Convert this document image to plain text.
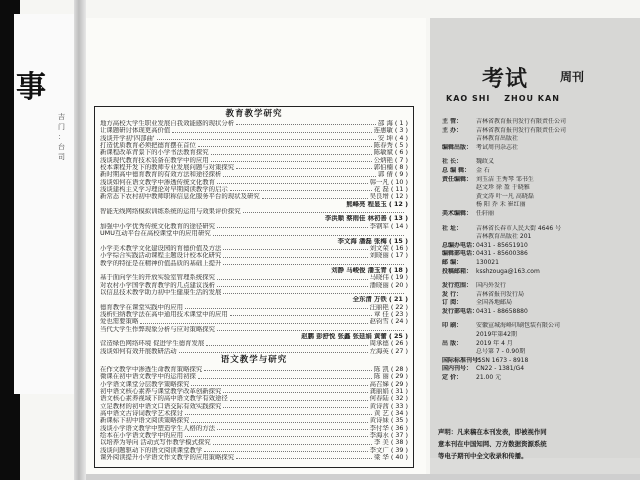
事
吉
门
：
台
司
教育教学研究
地方高校大学生职业发展自我效能感的现状分析	邵 海 ( 1 )
让课题研讨体现更高价值	连惠敏 ( 3 )
浅谈开学初'四部曲'	安 坤 ( 4 )
打造优质教育必须把德育摆在首位	陈春秀 ( 5 )
新课程改革背景下的小学书法教育探究	陈敏斌 ( 6 )
浅谈现代教育技术装备在教学中的应用	公炳艳 ( 7 )
校本课程开发下的教师专业发展问题与对策探究	郭伯楠 ( 8 )
新时期高中德育教育的有效方法和途径探析	郭 倩 ( 9 )
浅谈如何在语文教学中渗透传统文化教育	韩一凡 ( 10 )
浅谈建构主义学习理论对早期阅读教学的启示	花 磊 ( 11 )
新常态下农村初中教师职称信息化服务平台的现状及研究	吴良增 ( 12 )
熊峰亮 程显玉 ( 12 )
智能无线网络模拟训练系统的运用与效果评价探究
李洪顺 蔡雨佳 林初善 ( 13 )
加强中小学优秀传统文化教育的途径研究	李钢军 ( 14 )
UMU互动平台在高校课堂中的应用研究
李文海 潘磊 张梅 ( 15 )
小学美术教学文化建设园的育德价值及方法	刘文荣 ( 16 )
小学综合实践活动课程主题设计校本化研究	刘晓丽 ( 17 )
教学的特征是在精神价值品质的基础上提升
刘静 马峻俊 潘玉青 ( 18 )
基于面向学生的开放实验室管理系统探究	马晓伟 ( 19 )
对农村小学国学教育教学的几点建议浅析	潘晓丽 ( 20 )
以信息技术教学助力初中生健康生活的发展
全东清 万铁 ( 21 )
德育教学在课堂实践中的应用	汪丽艳 ( 22 )
浅析归纳教学法在高中通用技术课堂中的应用	章 佳 ( 23 )
爱也需要策略	赵钧雪 ( 24 )
当代大学生作弊现象分析与应对策略探究
赵鹏 彭舒悦 张鑫 张延娟 黄蕾 ( 25 )
营造绿色网络环境 促进学生德育发展	周承德 ( 26 )
浅谈如何有效开展教研活动	左海英 ( 27 )
语文教学与研究
在作文教学中渗透生命教育策略探究	陈 凯 ( 28 )
微课在初中语文教学中的运用初探	陈 丽 ( 29 )
小学语文课堂分层教学策略探究	高召娣 ( 29 )
初中语文核心素养与课堂教学改革创新探究	龚丽娟 ( 31 )
语文核心素养视域下的高中语文教学有效途径	何春陆 ( 32 )
立足教材的初中语文口语交际有效实践探究	黄诗茜 ( 33 )
高中语文古诗词教学艺术探讨	黄 艺 ( 34 )
新课标下初中语文阅读策略探究	黄诗妹 ( 35 )
浅谈小学语文教学中塑造学生人格的方法	李付华 ( 36 )
绘本在小学语文教学中的应用	李海水 ( 37 )
以培养为导向 活动式写作教学模式探究	李 美 ( 38 )
浅谈问题驱动下的语文阅读课堂教学	李文广 ( 39 )
课外阅读提升小学语文作文教学的应用策略探究	梁 华 ( 40 )
考试	周刊
KAO SHI ZHOU KAN
主 管： 吉林省教育报刊发行有限责任公司
主 办： 吉林省教育报刊发行有限责任公司
吉林教育出版社
编辑出版： 考试周刊杂志社
社 长： 魏政义
总 编 辑： 金 石
责任编辑： 刘玉洁 王秀琴 邹书生
赵文珍 徐 盈 于晓雅
黄文涛 叶一凡 高晓磊
杨 阳 乔 禾 崔红丽
美术编辑： 任轩丽
社 址： 吉林省长春市人民大街 4646 号
吉林教育出版社 201
总编办电话：0431 - 85651910
编辑部电话：0431 - 85600386
邮 编： 130021
投稿邮箱： ksshzouga@163.com
发行范围： 国内外发行
发 行： 吉林省报刊发行局
订 阅： 全国各地邮局
发行部电话：0431 - 88658880
印 刷： 安徽宣城海峰印刷包装有限公司
2019年第42期
出 版： 2019 年 4 月
总号第 7 - 0.90期
国际标准刊号：ISSN 1673 - 8918
国内刊号： CN22 - 1381/G4
定 价： 21.00 元
声明：凡来稿在本刊发表，即被视作同
意本刊在中国知网、万方数据资源系统
等电子期刊中全文收录和传播。
